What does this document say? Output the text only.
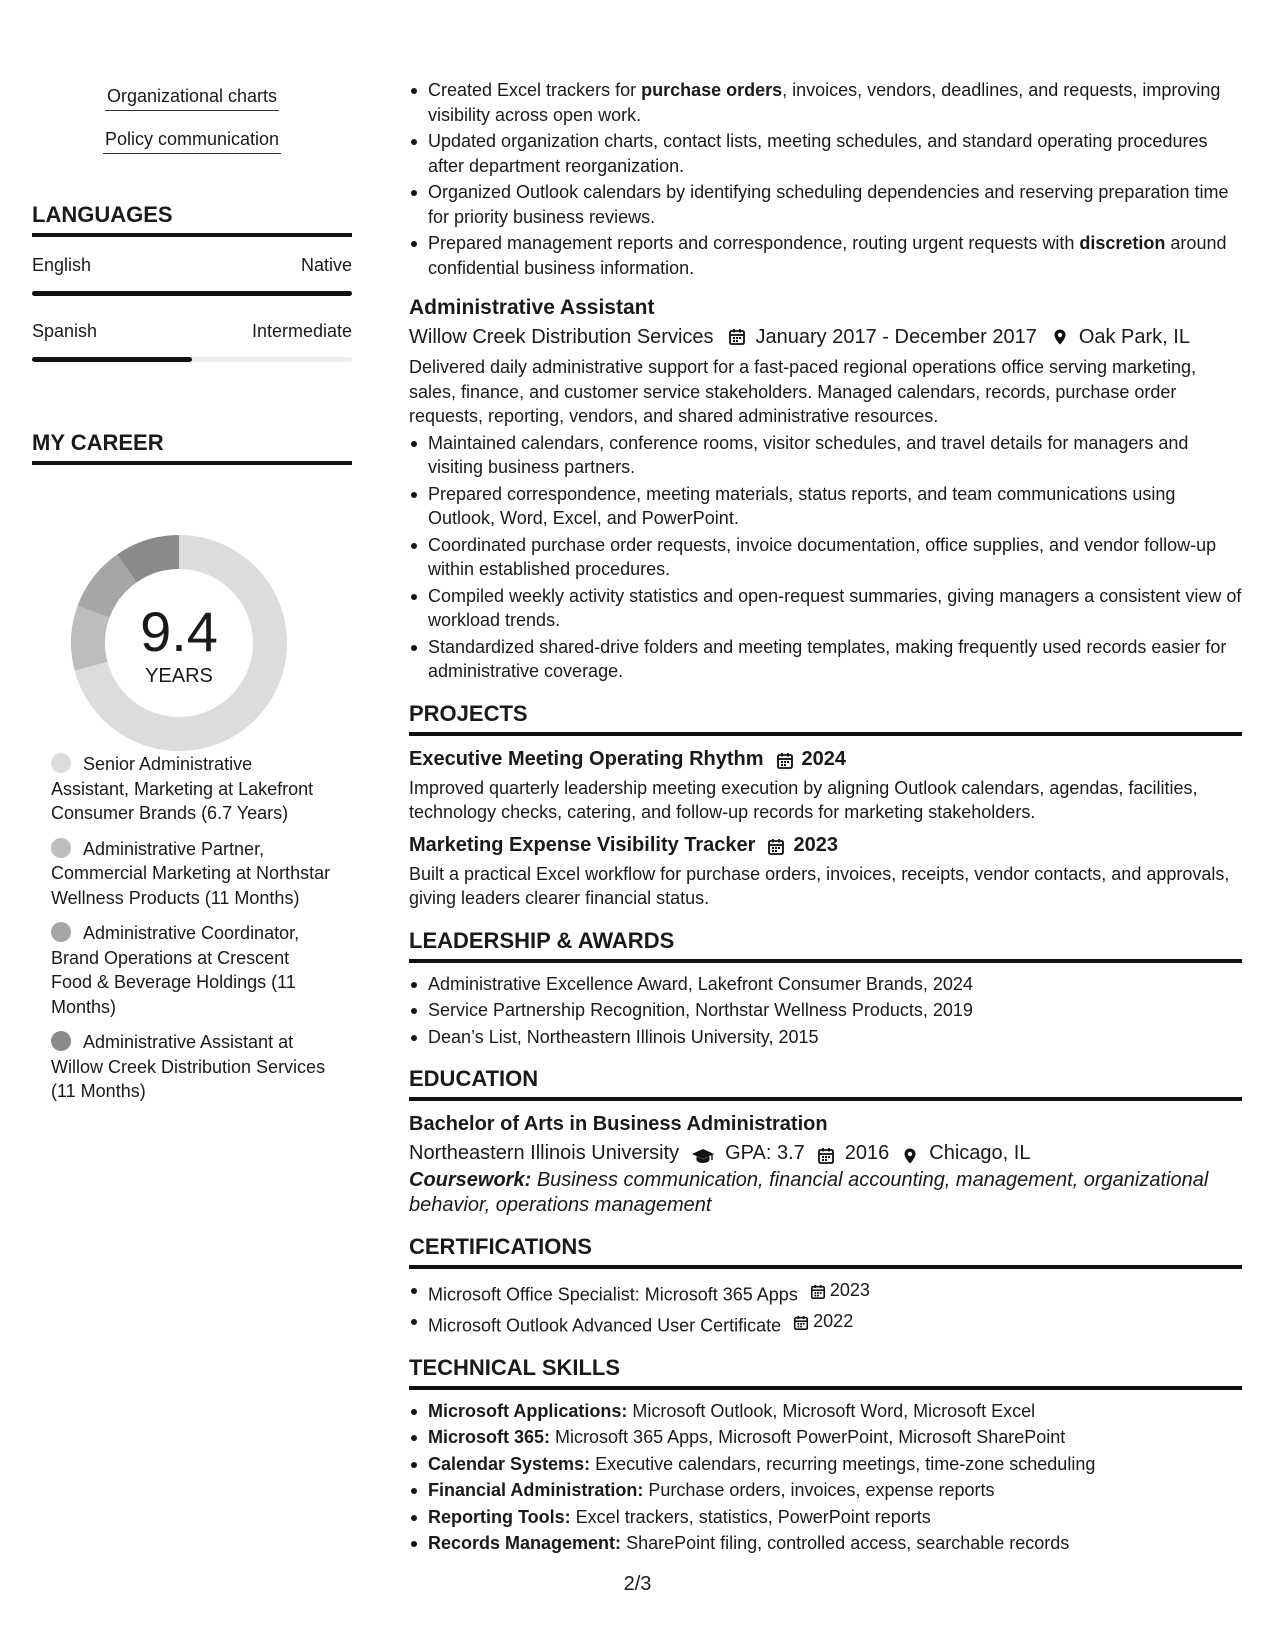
Organizational charts
Policy communication
LANGUAGES
English	Native
Spanish	Intermediate
MY CAREER
9.4
YEARS
Senior Administrative Assistant, Marketing at Lakefront Consumer Brands (6.7 Years)
Administrative Partner, Commercial Marketing at Northstar Wellness Products (11 Months)
Administrative Coordinator, Brand Operations at Crescent Food & Beverage Holdings (11 Months)
Administrative Assistant at Willow Creek Distribution Services (11 Months)
Created Excel trackers for purchase orders, invoices, vendors, deadlines, and requests, improving visibility across open work.
Updated organization charts, contact lists, meeting schedules, and standard operating procedures after department reorganization.
Organized Outlook calendars by identifying scheduling dependencies and reserving preparation time for priority business reviews.
Prepared management reports and correspondence, routing urgent requests with discretion around confidential business information.
Administrative Assistant
Willow Creek Distribution Services January 2017 - December 2017 Oak Park, IL
Delivered daily administrative support for a fast-paced regional operations office serving marketing, sales, finance, and customer service stakeholders. Managed calendars, records, purchase order requests, reporting, vendors, and shared administrative resources.
Maintained calendars, conference rooms, visitor schedules, and travel details for managers and visiting business partners.
Prepared correspondence, meeting materials, status reports, and team communications using Outlook, Word, Excel, and PowerPoint.
Coordinated purchase order requests, invoice documentation, office supplies, and vendor follow-up within established procedures.
Compiled weekly activity statistics and open-request summaries, giving managers a consistent view of workload trends.
Standardized shared-drive folders and meeting templates, making frequently used records easier for administrative coverage.
PROJECTS
Executive Meeting Operating Rhythm 2024
Improved quarterly leadership meeting execution by aligning Outlook calendars, agendas, facilities, technology checks, catering, and follow-up records for marketing stakeholders.
Marketing Expense Visibility Tracker 2023
Built a practical Excel workflow for purchase orders, invoices, receipts, vendor contacts, and approvals, giving leaders clearer financial status.
LEADERSHIP & AWARDS
Administrative Excellence Award, Lakefront Consumer Brands, 2024
Service Partnership Recognition, Northstar Wellness Products, 2019
Dean’s List, Northeastern Illinois University, 2015
EDUCATION
Bachelor of Arts in Business Administration
Northeastern Illinois University GPA: 3.7 2016 Chicago, IL
Coursework: Business communication, financial accounting, management, organizational behavior, operations management
CERTIFICATIONS
Microsoft Office Specialist: Microsoft 365 Apps 2023
Microsoft Outlook Advanced User Certificate 2022
TECHNICAL SKILLS
Microsoft Applications: Microsoft Outlook, Microsoft Word, Microsoft Excel
Microsoft 365: Microsoft 365 Apps, Microsoft PowerPoint, Microsoft SharePoint
Calendar Systems: Executive calendars, recurring meetings, time-zone scheduling
Financial Administration: Purchase orders, invoices, expense reports
Reporting Tools: Excel trackers, statistics, PowerPoint reports
Records Management: SharePoint filing, controlled access, searchable records
2/3
